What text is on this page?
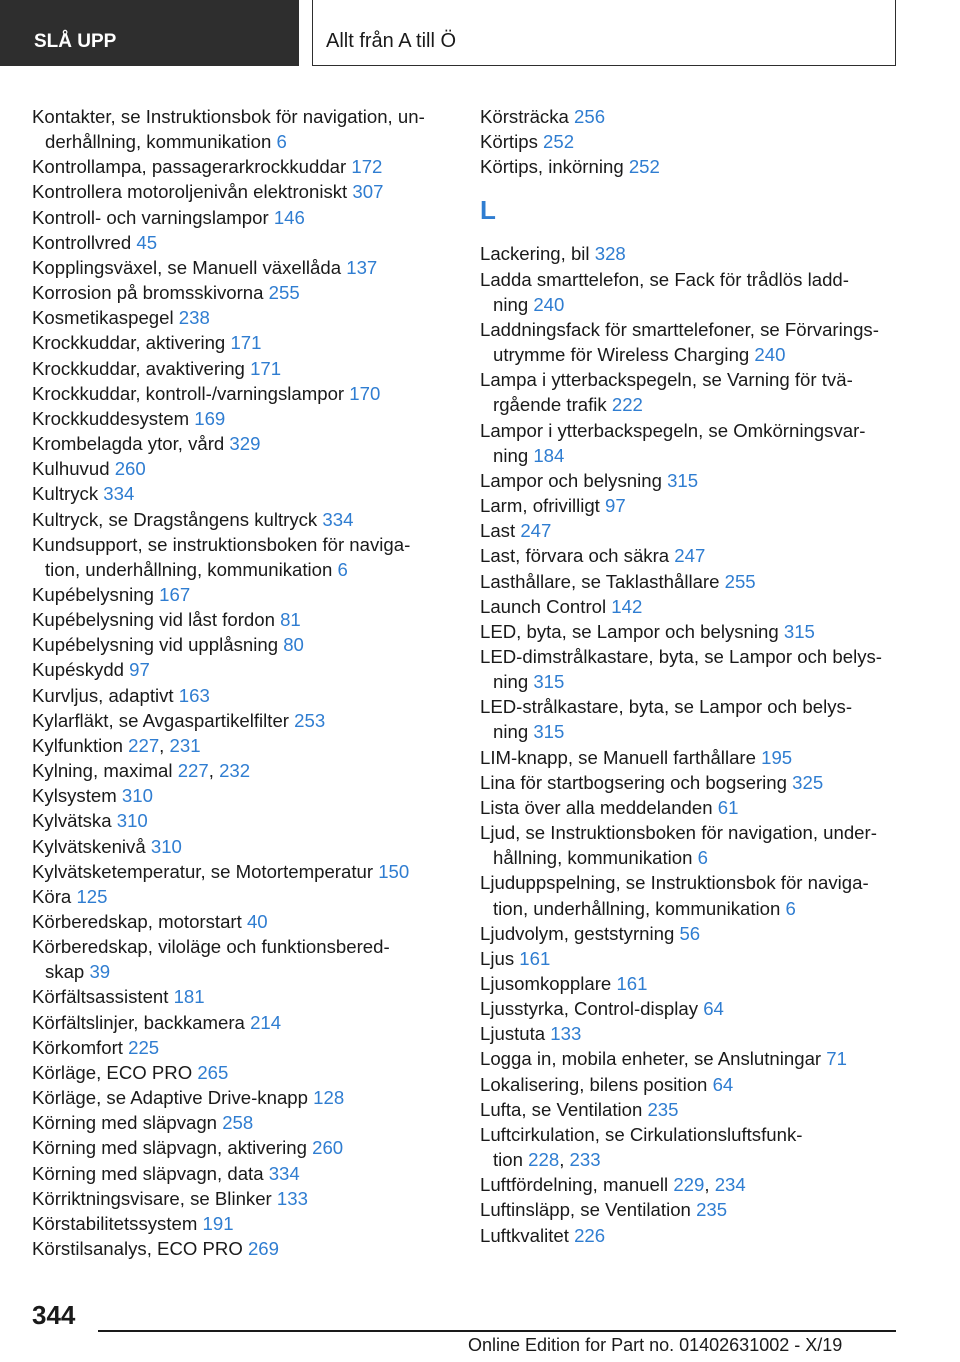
SLÅ UPP	Allt från A till Ö
Kontakter, se Instruktionsbok för navigation, un-
derhållning, kommunikation 6
Kontrollampa, passagerarkrockkuddar 172
Kontrollera motoroljenivån elektroniskt 307
Kontroll- och varningslampor 146
Kontrollvred 45
Kopplingsväxel, se Manuell växellåda 137
Korrosion på bromsskivorna 255
Kosmetikaspegel 238
Krockkuddar, aktivering 171
Krockkuddar, avaktivering 171
Krockkuddar, kontroll-/varningslampor 170
Krockkuddesystem 169
Krombelagda ytor, vård 329
Kulhuvud 260
Kultryck 334
Kultryck, se Dragstångens kultryck 334
Kundsupport, se instruktionsboken för naviga-
tion, underhållning, kommunikation 6
Kupébelysning 167
Kupébelysning vid låst fordon 81
Kupébelysning vid upplåsning 80
Kupéskydd 97
Kurvljus, adaptivt 163
Kylarfläkt, se Avgaspartikelfilter 253
Kylfunktion 227, 231
Kylning, maximal 227, 232
Kylsystem 310
Kylvätska 310
Kylvätskenivå 310
Kylvätsketemperatur, se Motortemperatur 150
Köra 125
Körberedskap, motorstart 40
Körberedskap, viloläge och funktionsbered-
skap 39
Körfältsassistent 181
Körfältslinjer, backkamera 214
Körkomfort 225
Körläge, ECO PRO 265
Körläge, se Adaptive Drive-knapp 128
Körning med släpvagn 258
Körning med släpvagn, aktivering 260
Körning med släpvagn, data 334
Körriktningsvisare, se Blinker 133
Körstabilitetssystem 191
Körstilsanalys, ECO PRO 269
Körsträcka 256
Körtips 252
Körtips, inkörning 252
L
Lackering, bil 328
Ladda smarttelefon, se Fack för trådlös ladd-
ning 240
Laddningsfack för smarttelefoner, se Förvarings-
utrymme för Wireless Charging 240
Lampa i ytterbackspegeln, se Varning för tvä-
rgående trafik 222
Lampor i ytterbackspegeln, se Omkörningsvar-
ning 184
Lampor och belysning 315
Larm, ofrivilligt 97
Last 247
Last, förvara och säkra 247
Lasthållare, se Taklasthållare 255
Launch Control 142
LED, byta, se Lampor och belysning 315
LED-dimstrålkastare, byta, se Lampor och belys-
ning 315
LED-strålkastare, byta, se Lampor och belys-
ning 315
LIM-knapp, se Manuell farthållare 195
Lina för startbogsering och bogsering 325
Lista över alla meddelanden 61
Ljud, se Instruktionsboken för navigation, under-
hållning, kommunikation 6
Ljuduppspelning, se Instruktionsbok för naviga-
tion, underhållning, kommunikation 6
Ljudvolym, geststyrning 56
Ljus 161
Ljusomkopplare 161
Ljusstyrka, Control-display 64
Ljustuta 133
Logga in, mobila enheter, se Anslutningar 71
Lokalisering, bilens position 64
Lufta, se Ventilation 235
Luftcirkulation, se Cirkulationsluftsfunk-
tion 228, 233
Luftfördelning, manuell 229, 234
Luftinsläpp, se Ventilation 235
Luftkvalitet 226
344
Online Edition for Part no. 01402631002 - X/19
